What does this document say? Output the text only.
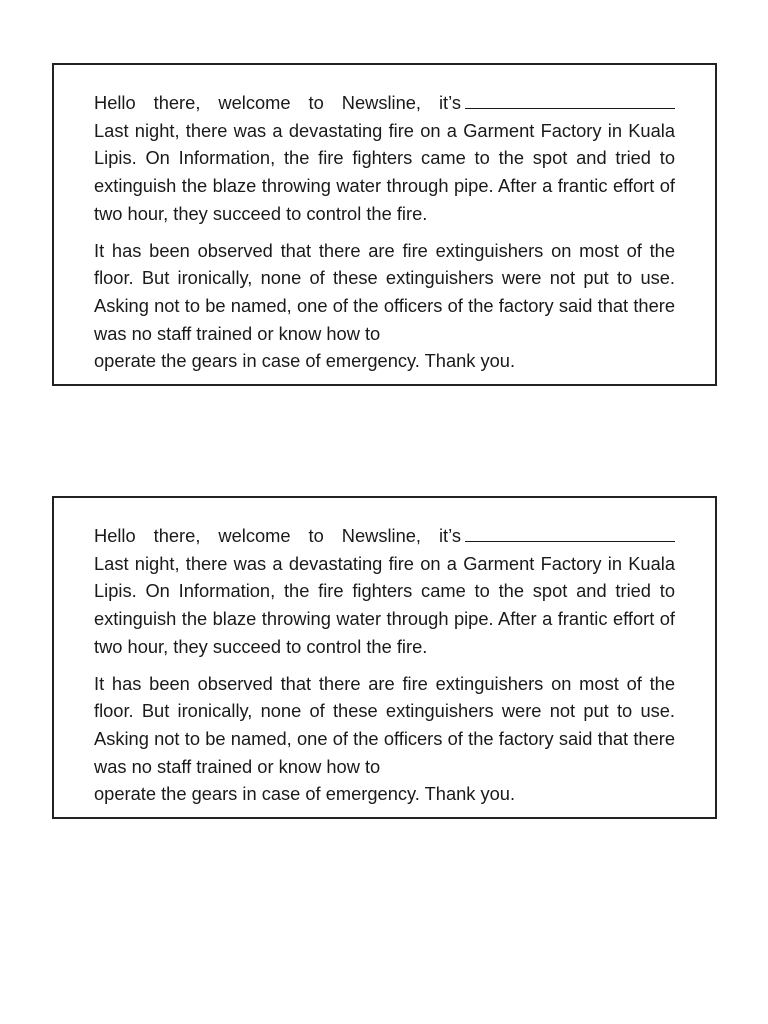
Hello there, welcome to Newsline, it’s
Last night, there was a devastating fire on a Garment Factory in Kuala Lipis. On Information, the fire fighters came to the spot and tried to extinguish the blaze throwing water through pipe. After a frantic effort of two hour, they succeed to control the fire.

It has been observed that there are fire extinguishers on most of the floor. But ironically, none of these extinguishers were not put to use. Asking not to be named, one of the officers of the factory said that there was no staff trained or know how to
operate the gears in case of emergency. Thank you.

Hello there, welcome to Newsline, it’s
Last night, there was a devastating fire on a Garment Factory in Kuala Lipis. On Information, the fire fighters came to the spot and tried to extinguish the blaze throwing water through pipe. After a frantic effort of two hour, they succeed to control the fire.

It has been observed that there are fire extinguishers on most of the floor. But ironically, none of these extinguishers were not put to use. Asking not to be named, one of the officers of the factory said that there was no staff trained or know how to
operate the gears in case of emergency. Thank you.
